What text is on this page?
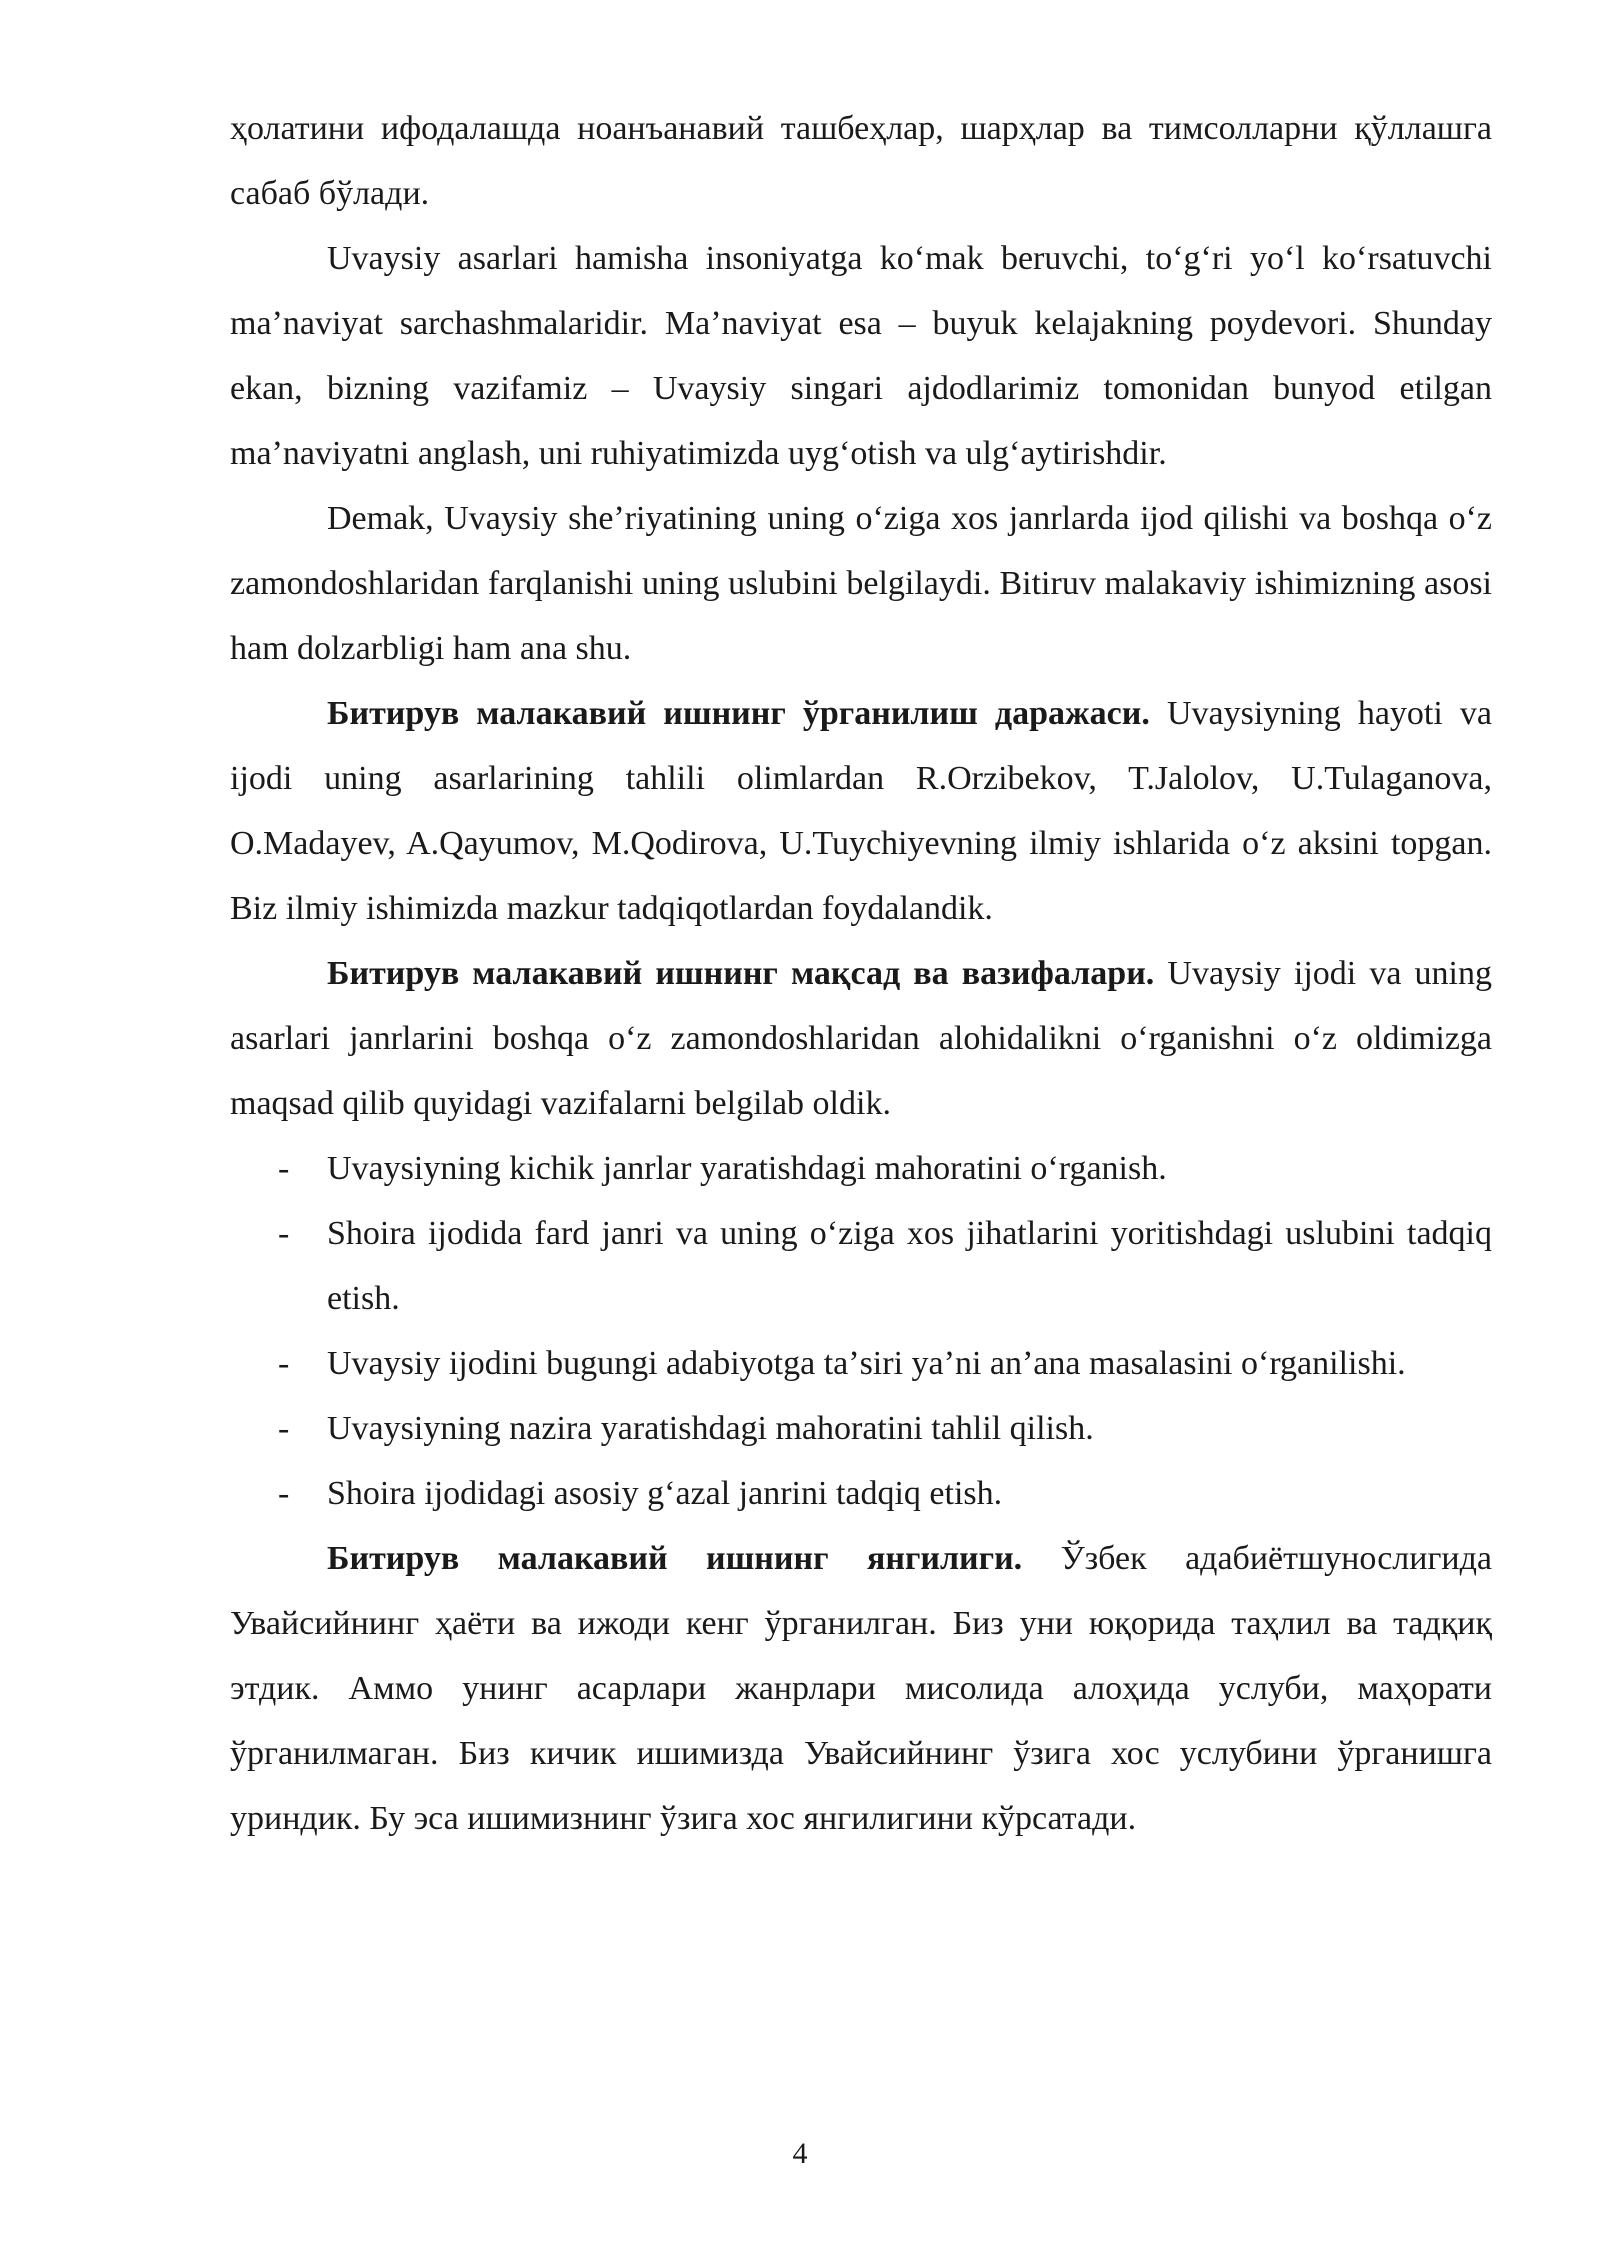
ҳолатини ифодалашда ноанъанавий ташбеҳлар, шарҳлар ва тимсолларни қўллашга сабаб бўлади.

Uvaysiy asarlari hamisha insoniyatga koʻmak beruvchi, toʻgʻri yoʻl koʻrsatuvchi maʼnaviyat sarchashmalaridir. Maʼnaviyat esa – buyuk kelajakning poydevori. Shunday ekan, bizning vazifamiz – Uvaysiy singari ajdodlarimiz tomonidan bunyod etilgan maʼnaviyatni anglash, uni ruhiyatimizda uygʻotish va ulgʻaytirishdir.

Demak, Uvaysiy sheʼriyatining uning oʻziga xos janrlarda ijod qilishi va boshqa oʻz zamondoshlaridan farqlanishi uning uslubini belgilaydi. Bitiruv malakaviy ishimizning asosi ham dolzarbligi ham ana shu.

Битирув малакавий ишнинг ўрганилиш даражаси. Uvaysiyning hayoti va ijodi uning asarlarining tahlili olimlardan R.Orzibekov, T.Jalolov, U.Tulaganova, O.Madayev, A.Qayumov, M.Qodirova, U.Tuychiyevning ilmiy ishlarida oʻz aksini topgan. Biz ilmiy ishimizda mazkur tadqiqotlardan foydalandik.

Битирув малакавий ишнинг мақсад ва вазифалари. Uvaysiy ijodi va uning asarlari janrlarini boshqa oʻz zamondoshlaridan alohidalikni oʻrganishni oʻz oldimizga maqsad qilib quyidagi vazifalarni belgilab oldik.

- Uvaysiyning kichik janrlar yaratishdagi mahoratini oʻrganish.
- Shoira ijodida fard janri va uning oʻziga xos jihatlarini yoritishdagi uslubini tadqiq etish.
- Uvaysiy ijodini bugungi adabiyotga taʼsiri yaʼni anʼana masalasini oʻrganilishi.
- Uvaysiyning nazira yaratishdagi mahoratini tahlil qilish.
- Shoira ijodidagi asosiy gʻazal janrini tadqiq etish.

Битирув малакавий ишнинг янгилиги. Ўзбек адабиётшунослигида Увайсийнинг ҳаёти ва ижоди кенг ўрганилган. Биз уни юқорида таҳлил ва тадқиқ этдик. Аммо унинг асарлари жанрлари мисолида алоҳида услуби, маҳорати ўрганилмаган. Биз кичик ишимизда Увайсийнинг ўзига хос услубини ўрганишга уриндик. Бу эса ишимизнинг ўзига хос янгилигини кўрсатади.

4
